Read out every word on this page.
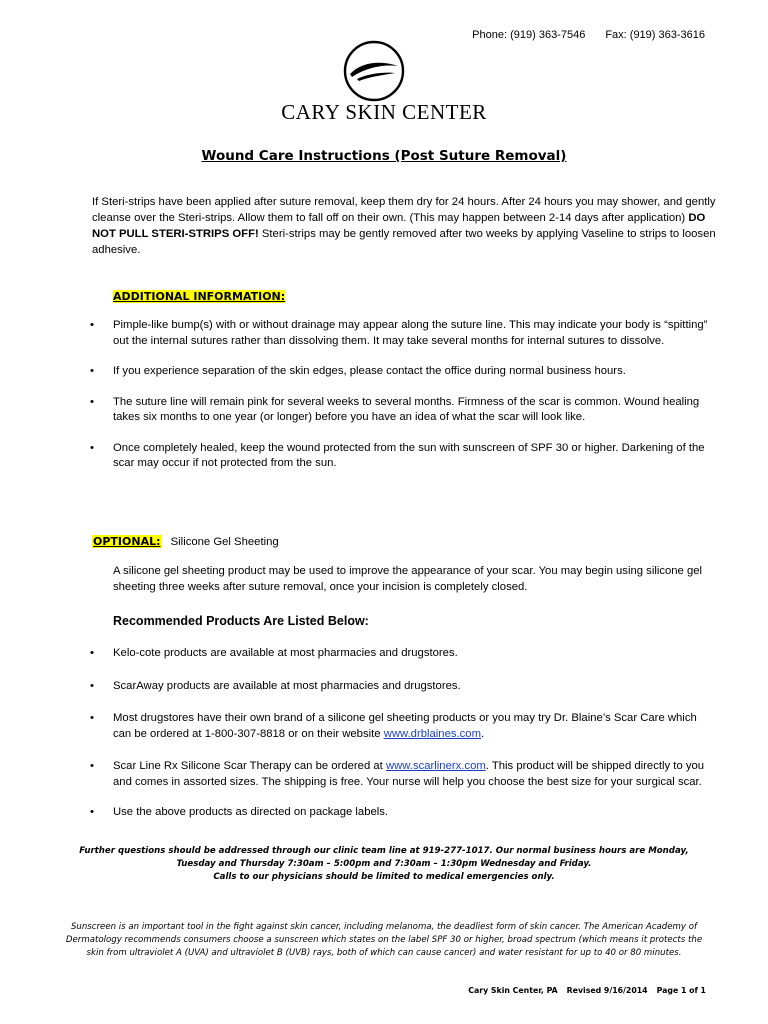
Phone: (919) 363-7546 Fax: (919) 363-3616
CARY SKIN CENTER
Wound Care Instructions (Post Suture Removal)

If Steri-strips have been applied after suture removal, keep them dry for 24 hours. After 24 hours you may shower, and gently cleanse over the Steri-strips. Allow them to fall off on their own. (This may happen between 2-14 days after application) DO NOT PULL STERI-STRIPS OFF! Steri-strips may be gently removed after two weeks by applying Vaseline to strips to loosen adhesive.

ADDITIONAL INFORMATION:
• Pimple-like bump(s) with or without drainage may appear along the suture line. This may indicate your body is “spitting” out the internal sutures rather than dissolving them. It may take several months for internal sutures to dissolve.
• If you experience separation of the skin edges, please contact the office during normal business hours.
• The suture line will remain pink for several weeks to several months. Firmness of the scar is common. Wound healing takes six months to one year (or longer) before you have an idea of what the scar will look like.
• Once completely healed, keep the wound protected from the sun with sunscreen of SPF 30 or higher. Darkening of the scar may occur if not protected from the sun.
OPTIONAL: Silicone Gel Sheeting

A silicone gel sheeting product may be used to improve the appearance of your scar. You may begin using silicone gel sheeting three weeks after suture removal, once your incision is completely closed.

Recommended Products Are Listed Below:
• Kelo-cote products are available at most pharmacies and drugstores.
• ScarAway products are available at most pharmacies and drugstores.
• Most drugstores have their own brand of a silicone gel sheeting products or you may try Dr. Blaine’s Scar Care which can be ordered at 1-800-307-8818 or on their website www.drblaines.com.
• Scar Line Rx Silicone Scar Therapy can be ordered at www.scarlinerx.com. This product will be shipped directly to you and comes in assorted sizes. The shipping is free. Your nurse will help you choose the best size for your surgical scar.
• Use the above products as directed on package labels.
Further questions should be addressed through our clinic team line at 919-277-1017. Our normal business hours are Monday, Tuesday and Thursday 7:30am – 5:00pm and 7:30am – 1:30pm Wednesday and Friday.
Calls to our physicians should be limited to medical emergencies only.
Sunscreen is an important tool in the fight against skin cancer, including melanoma, the deadliest form of skin cancer. The American Academy of Dermatology recommends consumers choose a sunscreen which states on the label SPF 30 or higher, broad spectrum (which means it protects the skin from ultraviolet A (UVA) and ultraviolet B (UVB) rays, both of which can cause cancer) and water resistant for up to 40 or 80 minutes.
Cary Skin Center, PA Revised 9/16/2014 Page 1 of 1
